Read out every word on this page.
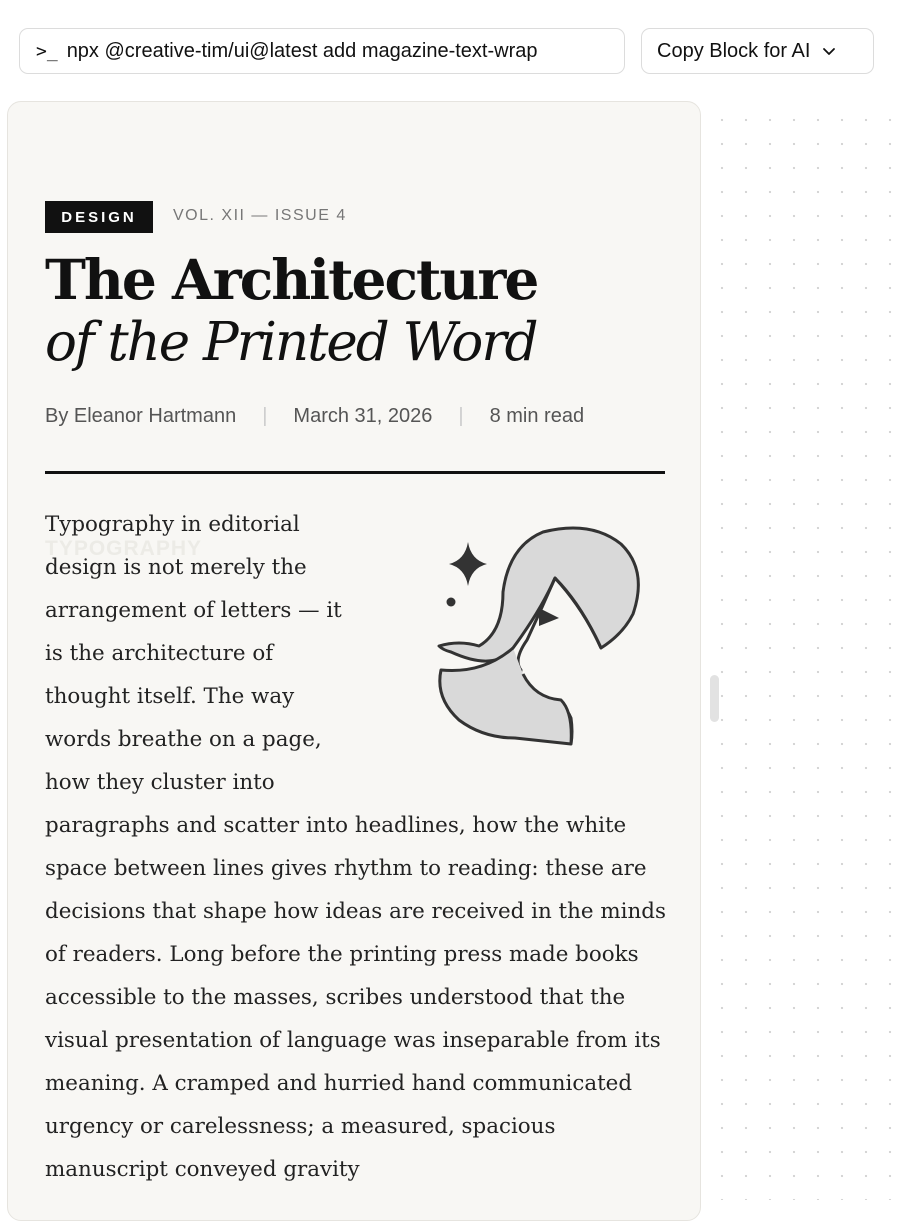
>_ npx @creative-tim/ui@latest add magazine-text-wrap	Copy Block for AI
DESIGN	VOL. XII — ISSUE 4
The Architecture
of the Printed Word
By Eleanor Hartmann | March 31, 2026 | 8 min read
TYPOGRAPHY

Typography in editorial design is not merely the arrangement of letters — it is the architecture of thought itself. The way words breathe on a page, how they cluster into paragraphs and scatter into headlines, how the white space between lines gives rhythm to reading: these are decisions that shape how ideas are received in the minds of readers. Long before the printing press made books accessible to the masses, scribes understood that the visual presentation of language was inseparable from its meaning. A cramped and hurried hand communicated urgency or carelessness; a measured, spacious manuscript conveyed gravity
